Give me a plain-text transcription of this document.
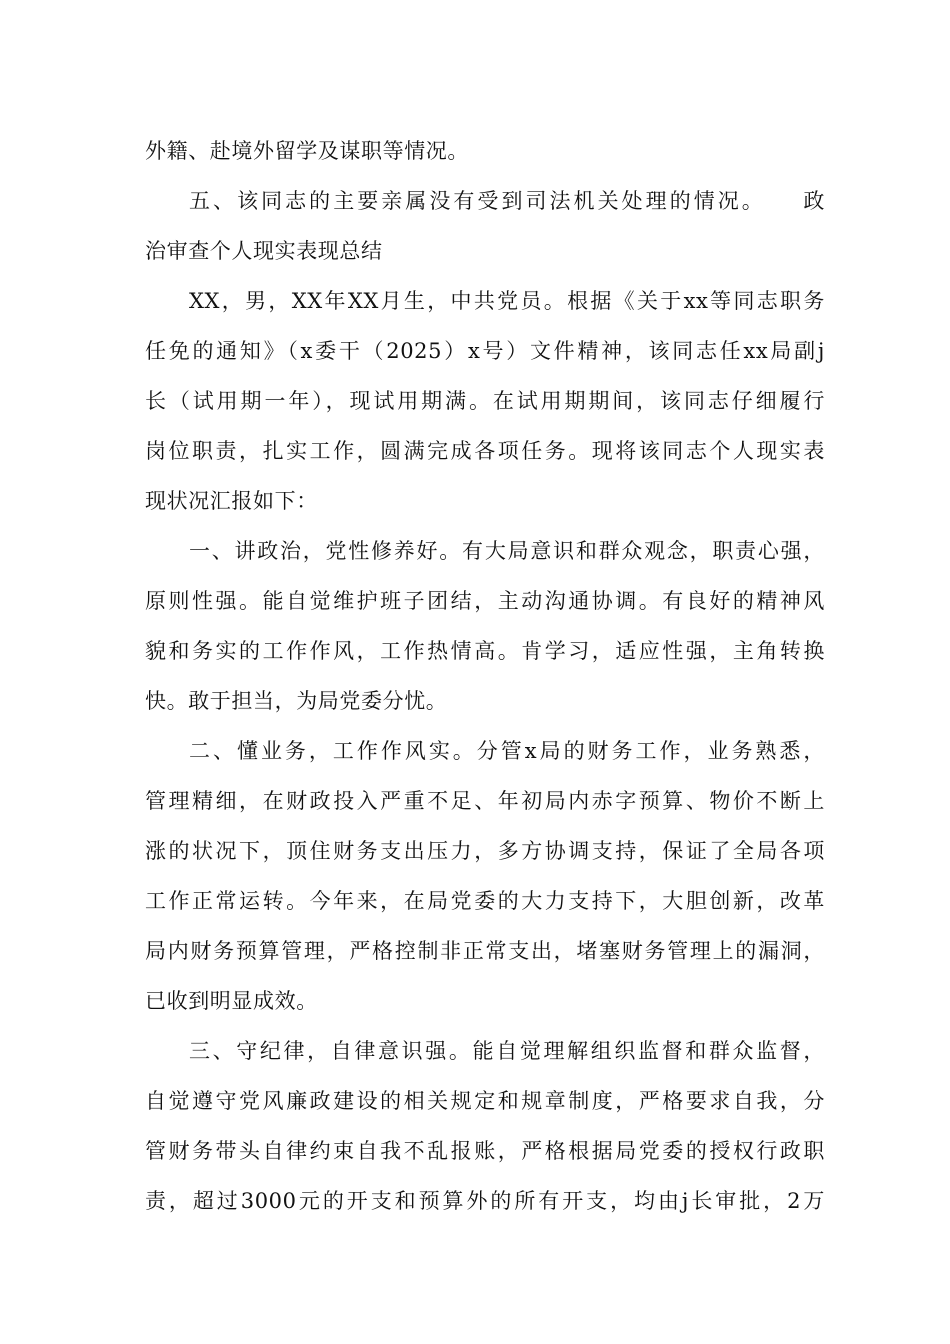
外籍、赴境外留学及谋职等情况。
五、该同志的主要亲属没有受到司法机关处理的情况。　　政
治审查个人现实表现总结
XX，男，XX年XX月生，中共党员。根据《关于xx等同志职务
任免的通知》（x委干（2025）x号）文件精神，该同志任xx局副j
长（试用期一年），现试用期满。在试用期期间，该同志仔细履行
岗位职责，扎实工作，圆满完成各项任务。现将该同志个人现实表
现状况汇报如下：
一、讲政治，党性修养好。有大局意识和群众观念，职责心强，
原则性强。能自觉维护班子团结，主动沟通协调。有良好的精神风
貌和务实的工作作风，工作热情高。肯学习，适应性强，主角转换
快。敢于担当，为局党委分忧。
二、懂业务，工作作风实。分管x局的财务工作，业务熟悉，
管理精细，在财政投入严重不足、年初局内赤字预算、物价不断上
涨的状况下，顶住财务支出压力，多方协调支持，保证了全局各项
工作正常运转。今年来，在局党委的大力支持下，大胆创新，改革
局内财务预算管理，严格控制非正常支出，堵塞财务管理上的漏洞，
已收到明显成效。
三、守纪律，自律意识强。能自觉理解组织监督和群众监督，
自觉遵守党风廉政建设的相关规定和规章制度，严格要求自我，分
管财务带头自律约束自我不乱报账，严格根据局党委的授权行政职
责，超过3000元的开支和预算外的所有开支，均由j长审批，2万
